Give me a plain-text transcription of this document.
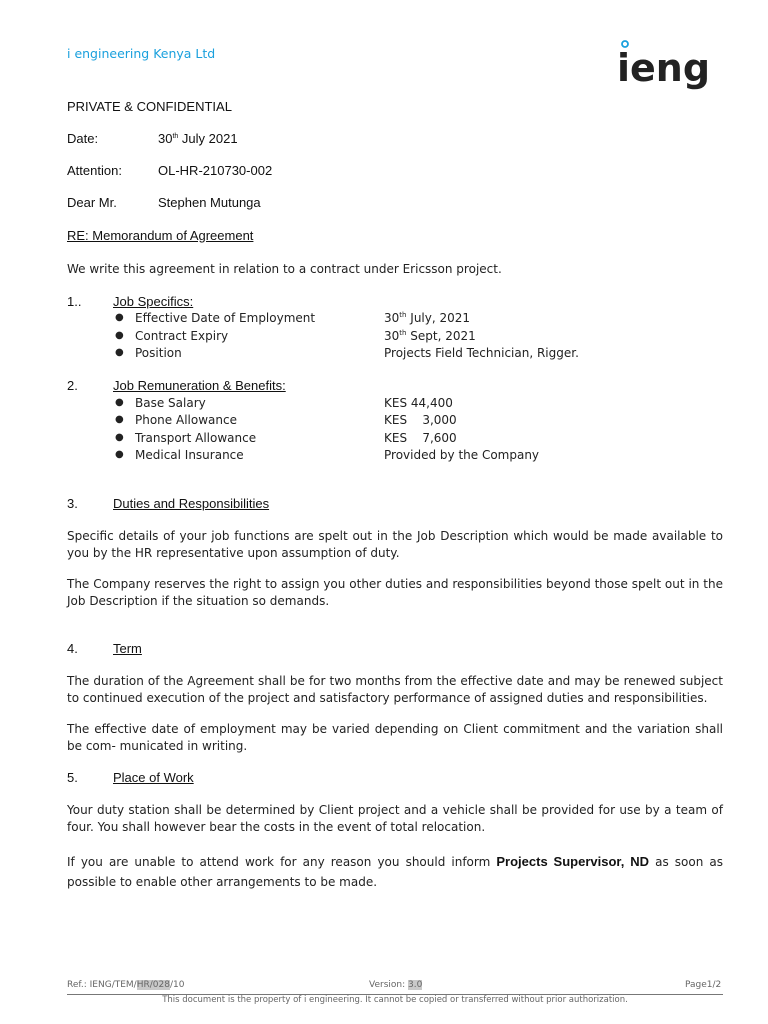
i engineering Kenya Ltd	ieng
PRIVATE & CONFIDENTIAL
Date:	30th July 2021
Attention:	OL-HR-210730-002
Dear Mr.	Stephen Mutunga
RE: Memorandum of Agreement
We write this agreement in relation to a contract under Ericsson project.
1.. Job Specifics:
● Effective Date of Employment	30th July, 2021
● Contract Expiry	30th Sept, 2021
● Position	Projects Field Technician, Rigger.
2.	Job Remuneration & Benefits:
● Base Salary	KES 44,400
● Phone Allowance	KES    3,000
● Transport Allowance	KES    7,600
● Medical Insurance	Provided by the Company
3.	Duties and Responsibilities
Specific details of your job functions are spelt out in the Job Description which would be made available to you by the HR representative upon assumption of duty.
The Company reserves the right to assign you other duties and responsibilities beyond those spelt out in the Job Description if the situation so demands.
4.	Term
The duration of the Agreement shall be for two months from the effective date and may be renewed subject to continued execution of the project and satisfactory performance of assigned duties and responsibilities.
The effective date of employment may be varied depending on Client commitment and the variation shall be com- municated in writing.
5.	Place of Work
Your duty station shall be determined by Client project and a vehicle shall be provided for use by a team of four. You shall however bear the costs in the event of total relocation.
If you are unable to attend work for any reason you should inform Projects Supervisor, ND as soon as possible to enable other arrangements to be made.
Ref.: IENG/TEM/HR/028/10	Version: 3.0	Page1/2
This document is the property of i engineering. It cannot be copied or transferred without prior authorization.
